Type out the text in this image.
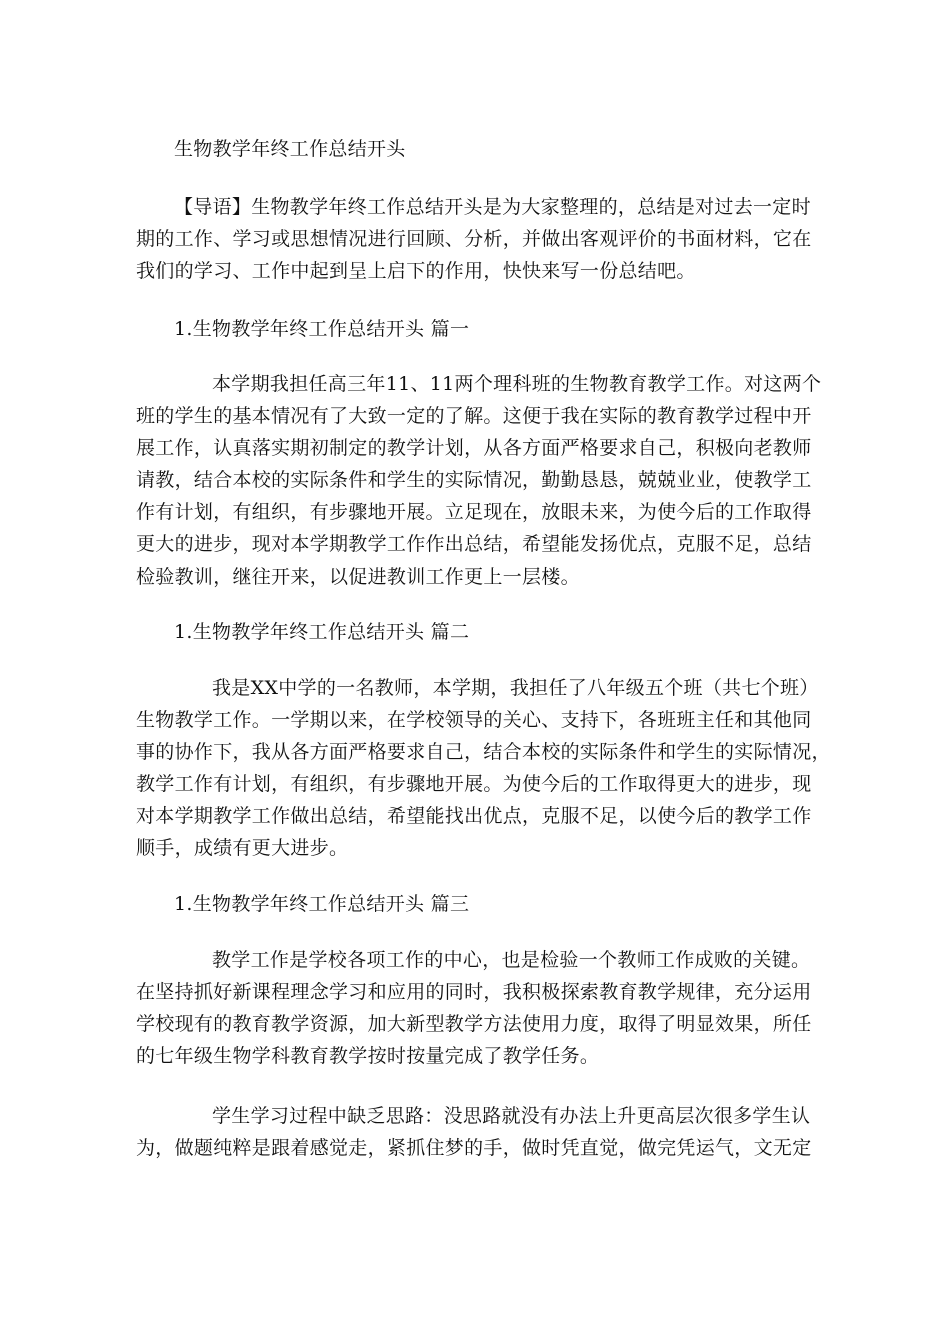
生物教学年终工作总结开头
【导语】生物教学年终工作总结开头是为大家整理的，总结是对过去一定时
期的工作、学习或思想情况进行回顾、分析，并做出客观评价的书面材料，它在
我们的学习、工作中起到呈上启下的作用，快快来写一份总结吧。
1.生物教学年终工作总结开头 篇一
本学期我担任高三年11、11两个理科班的生物教育教学工作。对这两个
班的学生的基本情况有了大致一定的了解。这便于我在实际的教育教学过程中开
展工作，认真落实期初制定的教学计划，从各方面严格要求自己，积极向老教师
请教，结合本校的实际条件和学生的实际情况，勤勤恳恳，兢兢业业，使教学工
作有计划，有组织，有步骤地开展。立足现在，放眼未来，为使今后的工作取得
更大的进步，现对本学期教学工作作出总结，希望能发扬优点，克服不足，总结
检验教训，继往开来，以促进教训工作更上一层楼。
1.生物教学年终工作总结开头 篇二
我是XX中学的一名教师，本学期，我担任了八年级五个班（共七个班）
生物教学工作。一学期以来，在学校领导的关心、支持下，各班班主任和其他同
事的协作下，我从各方面严格要求自己，结合本校的实际条件和学生的实际情况，
教学工作有计划，有组织，有步骤地开展。为使今后的工作取得更大的进步，现
对本学期教学工作做出总结，希望能找出优点，克服不足，以使今后的教学工作
顺手，成绩有更大进步。
1.生物教学年终工作总结开头 篇三
教学工作是学校各项工作的中心，也是检验一个教师工作成败的关键。
在坚持抓好新课程理念学习和应用的同时，我积极探索教育教学规律，充分运用
学校现有的教育教学资源，加大新型教学方法使用力度，取得了明显效果，所任
的七年级生物学科教育教学按时按量完成了教学任务。
学生学习过程中缺乏思路：没思路就没有办法上升更高层次很多学生认
为，做题纯粹是跟着感觉走，紧抓住梦的手，做时凭直觉，做完凭运气，文无定
